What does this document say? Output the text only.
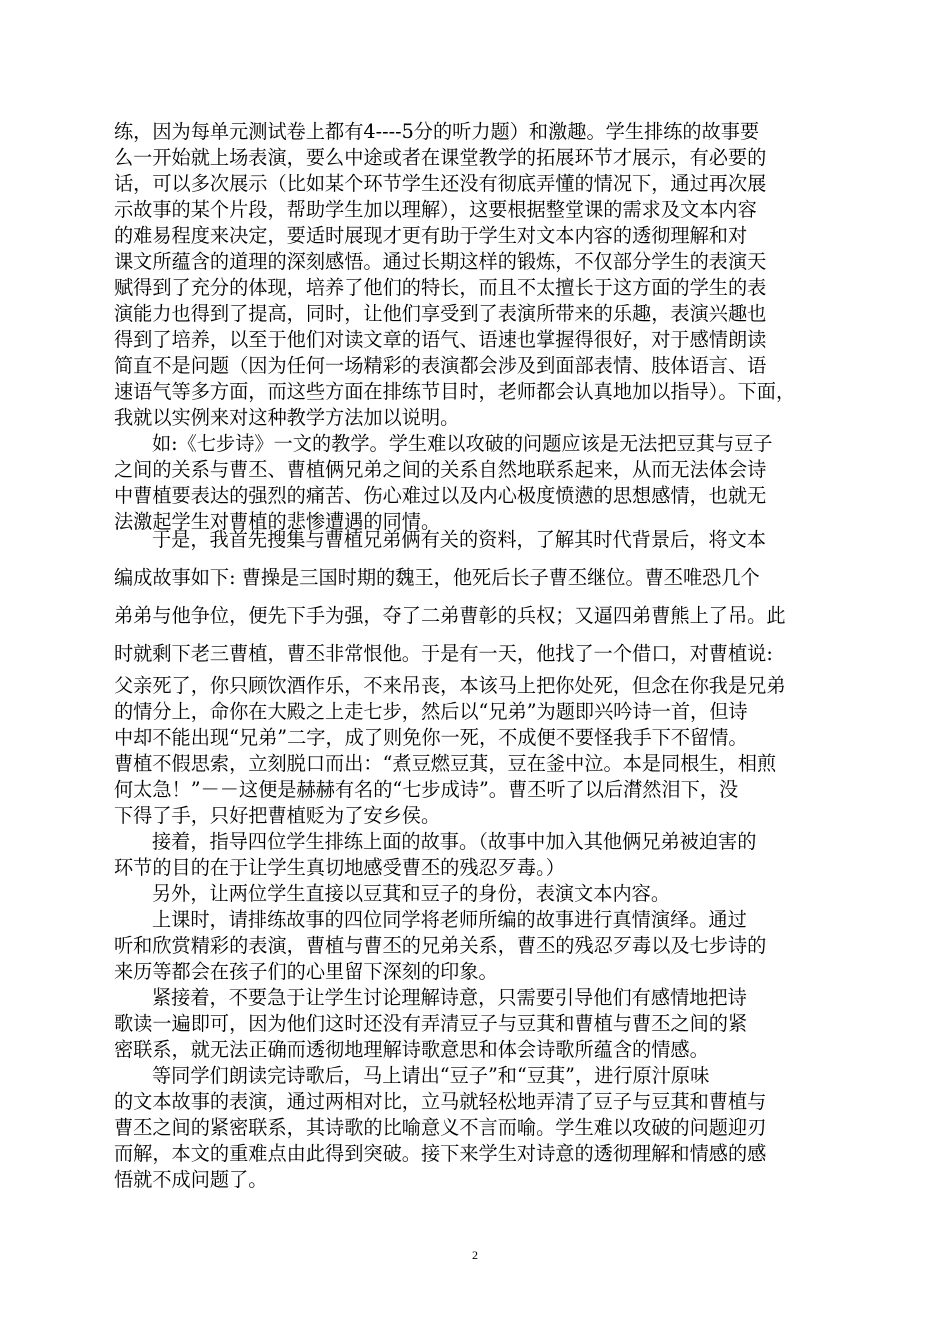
练，因为每单元测试卷上都有4----5分的听力题）和激趣。学生排练的故事要
么一开始就上场表演，要么中途或者在课堂教学的拓展环节才展示，有必要的
话，可以多次展示（比如某个环节学生还没有彻底弄懂的情况下，通过再次展
示故事的某个片段，帮助学生加以理解），这要根据整堂课的需求及文本内容
的难易程度来决定，要适时展现才更有助于学生对文本内容的透彻理解和对
课文所蕴含的道理的深刻感悟。通过长期这样的锻炼，不仅部分学生的表演天
赋得到了充分的体现，培养了他们的特长，而且不太擅长于这方面的学生的表
演能力也得到了提高，同时，让他们享受到了表演所带来的乐趣，表演兴趣也
得到了培养，以至于他们对读文章的语气、语速也掌握得很好，对于感情朗读
简直不是问题（因为任何一场精彩的表演都会涉及到面部表情、肢体语言、语
速语气等多方面，而这些方面在排练节目时，老师都会认真地加以指导）。下面，
我就以实例来对这种教学方法加以说明。
如:《七步诗》一文的教学。学生难以攻破的问题应该是无法把豆萁与豆子
之间的关系与曹丕、曹植俩兄弟之间的关系自然地联系起来，从而无法体会诗
中曹植要表达的强烈的痛苦、伤心难过以及内心极度愤懑的思想感情，也就无
法激起学生对曹植的悲惨遭遇的同情。
于是，我首先搜集与曹植兄弟俩有关的资料，了解其时代背景后，将文本
编成故事如下: 曹操是三国时期的魏王，他死后长子曹丕继位。曹丕唯恐几个
弟弟与他争位，便先下手为强，夺了二弟曹彰的兵权；又逼四弟曹熊上了吊。此
时就剩下老三曹植，曹丕非常恨他。于是有一天，他找了一个借口，对曹植说:
父亲死了，你只顾饮酒作乐，不来吊丧，本该马上把你处死，但念在你我是兄弟
的情分上，命你在大殿之上走七步，然后以“兄弟”为题即兴吟诗一首，但诗
中却不能出现“兄弟”二字，成了则免你一死，不成便不要怪我手下不留情。
曹植不假思索，立刻脱口而出：“煮豆燃豆萁，豆在釜中泣。本是同根生，相煎
何太急！”－－这便是赫赫有名的“七步成诗”。曹丕听了以后潸然泪下，没
下得了手，只好把曹植贬为了安乡侯。
接着，指导四位学生排练上面的故事。（故事中加入其他俩兄弟被迫害的
环节的目的在于让学生真切地感受曹丕的残忍歹毒。）
另外，让两位学生直接以豆萁和豆子的身份，表演文本内容。
上课时，请排练故事的四位同学将老师所编的故事进行真情演绎。通过
听和欣赏精彩的表演，曹植与曹丕的兄弟关系，曹丕的残忍歹毒以及七步诗的
来历等都会在孩子们的心里留下深刻的印象。
紧接着，不要急于让学生讨论理解诗意，只需要引导他们有感情地把诗
歌读一遍即可，因为他们这时还没有弄清豆子与豆萁和曹植与曹丕之间的紧
密联系，就无法正确而透彻地理解诗歌意思和体会诗歌所蕴含的情感。
等同学们朗读完诗歌后，马上请出“豆子”和“豆萁”，进行原汁原味
的文本故事的表演，通过两相对比，立马就轻松地弄清了豆子与豆萁和曹植与
曹丕之间的紧密联系，其诗歌的比喻意义不言而喻。学生难以攻破的问题迎刃
而解，本文的重难点由此得到突破。接下来学生对诗意的透彻理解和情感的感
悟就不成问题了。
2
